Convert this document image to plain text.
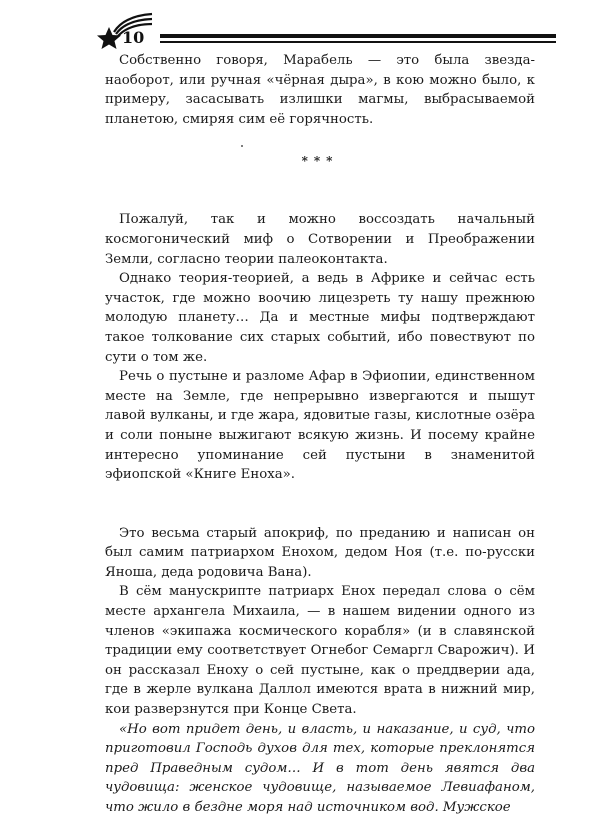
10

Собственно говоря, Марабель — это была звезда-наоборот, или ручная «чёрная дыра», в кою можно было, к примеру, засасывать излишки магмы, выбрасываемой планетою, смиряя сим её горячность.

***

Пожалуй, так и можно воссоздать начальный космогонический миф о Сотворении и Преображении Земли, согласно теории палеоконтакта.

Однако теория-теорией, а ведь в Африке и сейчас есть участок, где можно воочию лицезреть ту нашу прежнюю молодую планету… Да и местные мифы подтверждают такое толкование сих старых событий, ибо повествуют по сути о том же.

Речь о пустыне и разломе Афар в Эфиопии, единственном месте на Земле, где непрерывно извергаются и пышут лавой вулканы, и где жара, ядовитые газы, кислотные озёра и соли поныне выжигают всякую жизнь. И посему крайне интересно упоминание сей пустыни в знаменитой эфиопской «Книге Еноха».

Это весьма старый апокриф, по преданию и написан он был самим патриархом Енохом, дедом Ноя (т.е. по-русски Яноша, деда родовича Вана).

В сём манускрипте патриарх Енох передал слова о сём месте архангела Михаила, — в нашем видении одного из членов «экипажа космического корабля» (и в славянской традиции ему соответствует Огнебог Семаргл Сварожич). И он рассказал Еноху о сей пустыне, как о преддверии ада, где в жерле вулкана Даллол имеются врата в нижний мир, кои разверзнутся при Конце Света.

«Но вот придет день, и власть, и наказание, и суд, что приготовил Господь духов для тех, которые преклонятся пред Праведным судом… И в тот день явятся два чудовища: женское чудовище, называемое Левиафаном, что жило в бездне моря над источником вод. Мужское
